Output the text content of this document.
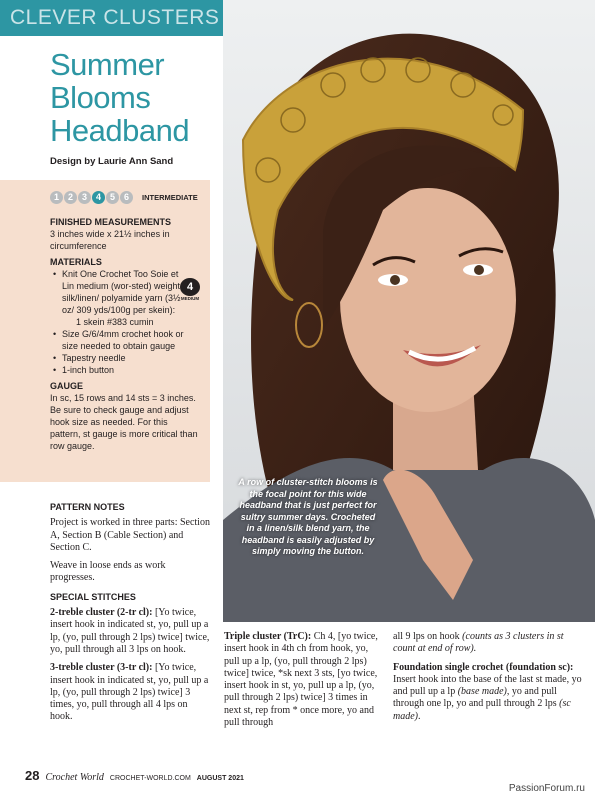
CLEVER CLUSTERS
Summer
Blooms
Headband
Design by Laurie Ann Sand
A row of cluster-stitch blooms is the focal point for this wide headband that is just perfect for sultry summer days. Crocheted in a linen/silk blend yarn, the headband is easily adjusted by simply moving the button.
1 2 3 4 5 6	INTERMEDIATE
FINISHED MEASUREMENTS

3 inches wide x 21½ inches in circumference

MATERIALS
• Knit One Crochet Too Soie et Lin medium (wor-sted) weight silk/linen/ polyamide yarn (3½ oz/ 309 yds/100g per skein):
1 skein #383 cumin
• Size G/6/4mm crochet hook or size needed to obtain gauge
• Tapestry needle
• 1-inch button
GAUGE

In sc, 15 rows and 14 sts = 3 inches. Be sure to check gauge and adjust hook size as needed. For this pattern, st gauge is more critical than row gauge.

4
MEDIUM
PATTERN NOTES

Project is worked in three parts: Section A, Section B (Cable Section) and Section C.

Weave in loose ends as work progresses.

SPECIAL STITCHES

2-treble cluster (2-tr cl): [Yo twice, insert hook in indicated st, yo, pull up a lp, (yo, pull through 2 lps) twice] twice, yo, pull through all 3 lps on hook.

3-treble cluster (3-tr cl): [Yo twice, insert hook in indicated st, yo, pull up a lp, (yo, pull through 2 lps) twice] 3 times, yo, pull through all 4 lps on hook.

Triple cluster (TrC): Ch 4, [yo twice, insert hook in 4th ch from hook, yo, pull up a lp, (yo, pull through 2 lps) twice] twice, *sk next 3 sts, [yo twice, insert hook in st, yo, pull up a lp, (yo, pull through 2 lps) twice] 3 times in next st, rep from * once more, yo and pull through

all 9 lps on hook (counts as 3 clusters in st count at end of row).

Foundation single crochet (foundation sc): Insert hook into the base of the last st made, yo and pull up a lp (base made), yo and pull through one lp, yo and pull through 2 lps (sc made).

28 Crochet World CROCHET-WORLD.COM AUGUST 2021
PassionForum.ru
